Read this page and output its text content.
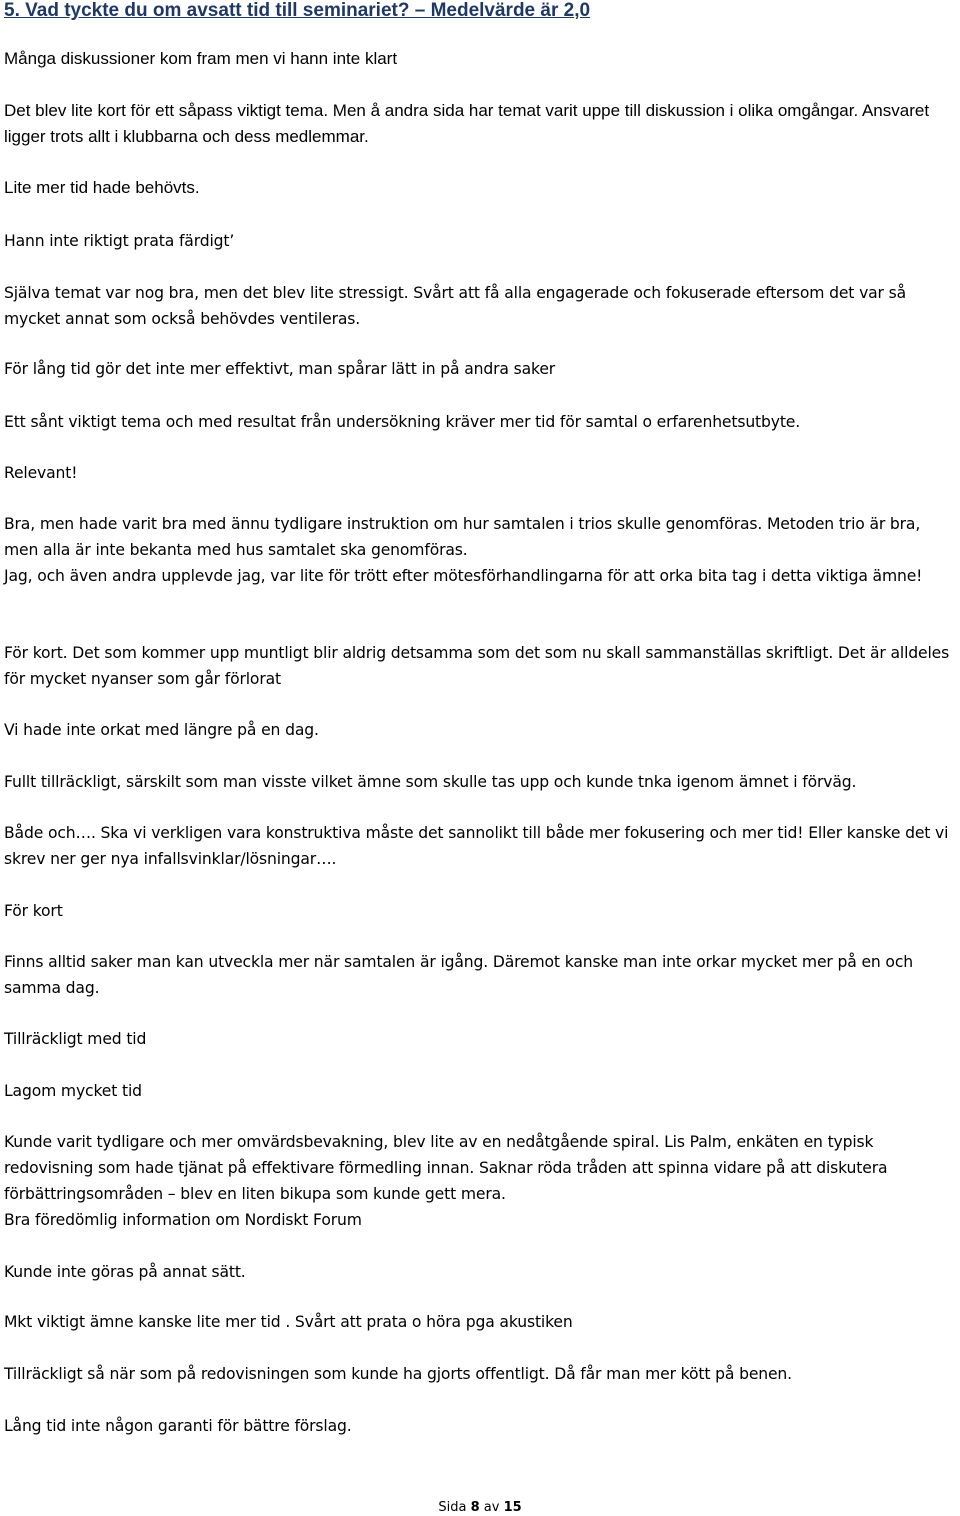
5. Vad tyckte du om avsatt tid till seminariet? – Medelvärde är 2,0

Många diskussioner kom fram men vi hann inte klart

Det blev lite kort för ett såpass viktigt tema. Men å andra sida har temat varit uppe till diskussion i olika omgångar. Ansvaret ligger trots allt i klubbarna och dess medlemmar.

Lite mer tid hade behövts.

Hann inte riktigt prata färdigt’

Själva temat var nog bra, men det blev lite stressigt. Svårt att få alla engagerade och fokuserade eftersom det var så mycket annat som också behövdes ventileras.

För lång tid gör det inte mer effektivt, man spårar lätt in på andra saker

Ett sånt viktigt tema och med resultat från undersökning kräver mer tid för samtal o erfarenhetsutbyte.

Relevant!

Bra, men hade varit bra med ännu tydligare instruktion om hur samtalen i trios skulle genomföras. Metoden trio är bra, men alla är inte bekanta med hus samtalet ska genomföras.

Jag, och även andra upplevde jag, var lite för trött efter mötesförhandlingarna för att orka bita tag i detta viktiga ämne!

För kort. Det som kommer upp muntligt blir aldrig detsamma som det som nu skall sammanställas skriftligt. Det är alldeles för mycket nyanser som går förlorat

Vi hade inte orkat med längre på en dag.

Fullt tillräckligt, särskilt som man visste vilket ämne som skulle tas upp och kunde tnka igenom ämnet i förväg.

Både och…. Ska vi verkligen vara konstruktiva måste det sannolikt till både mer fokusering och mer tid! Eller kanske det vi skrev ner ger nya infallsvinklar/lösningar….

För kort

Finns alltid saker man kan utveckla mer när samtalen är igång. Däremot kanske man inte orkar mycket mer på en och samma dag.

Tillräckligt med tid

Lagom mycket tid

Kunde varit tydligare och mer omvärdsbevakning, blev lite av en nedåtgående spiral. Lis Palm, enkäten en typisk redovisning som hade tjänat på effektivare förmedling innan. Saknar röda tråden att spinna vidare på att diskutera förbättringsområden – blev en liten bikupa som kunde gett mera.

Bra föredömlig information om Nordiskt Forum

Kunde inte göras på annat sätt.

Mkt viktigt ämne kanske lite mer tid . Svårt att prata o höra pga akustiken

Tillräckligt så när som på redovisningen som kunde ha gjorts offentligt. Då får man mer kött på benen.

Lång tid inte någon garanti för bättre förslag.

Sida 8 av 15
